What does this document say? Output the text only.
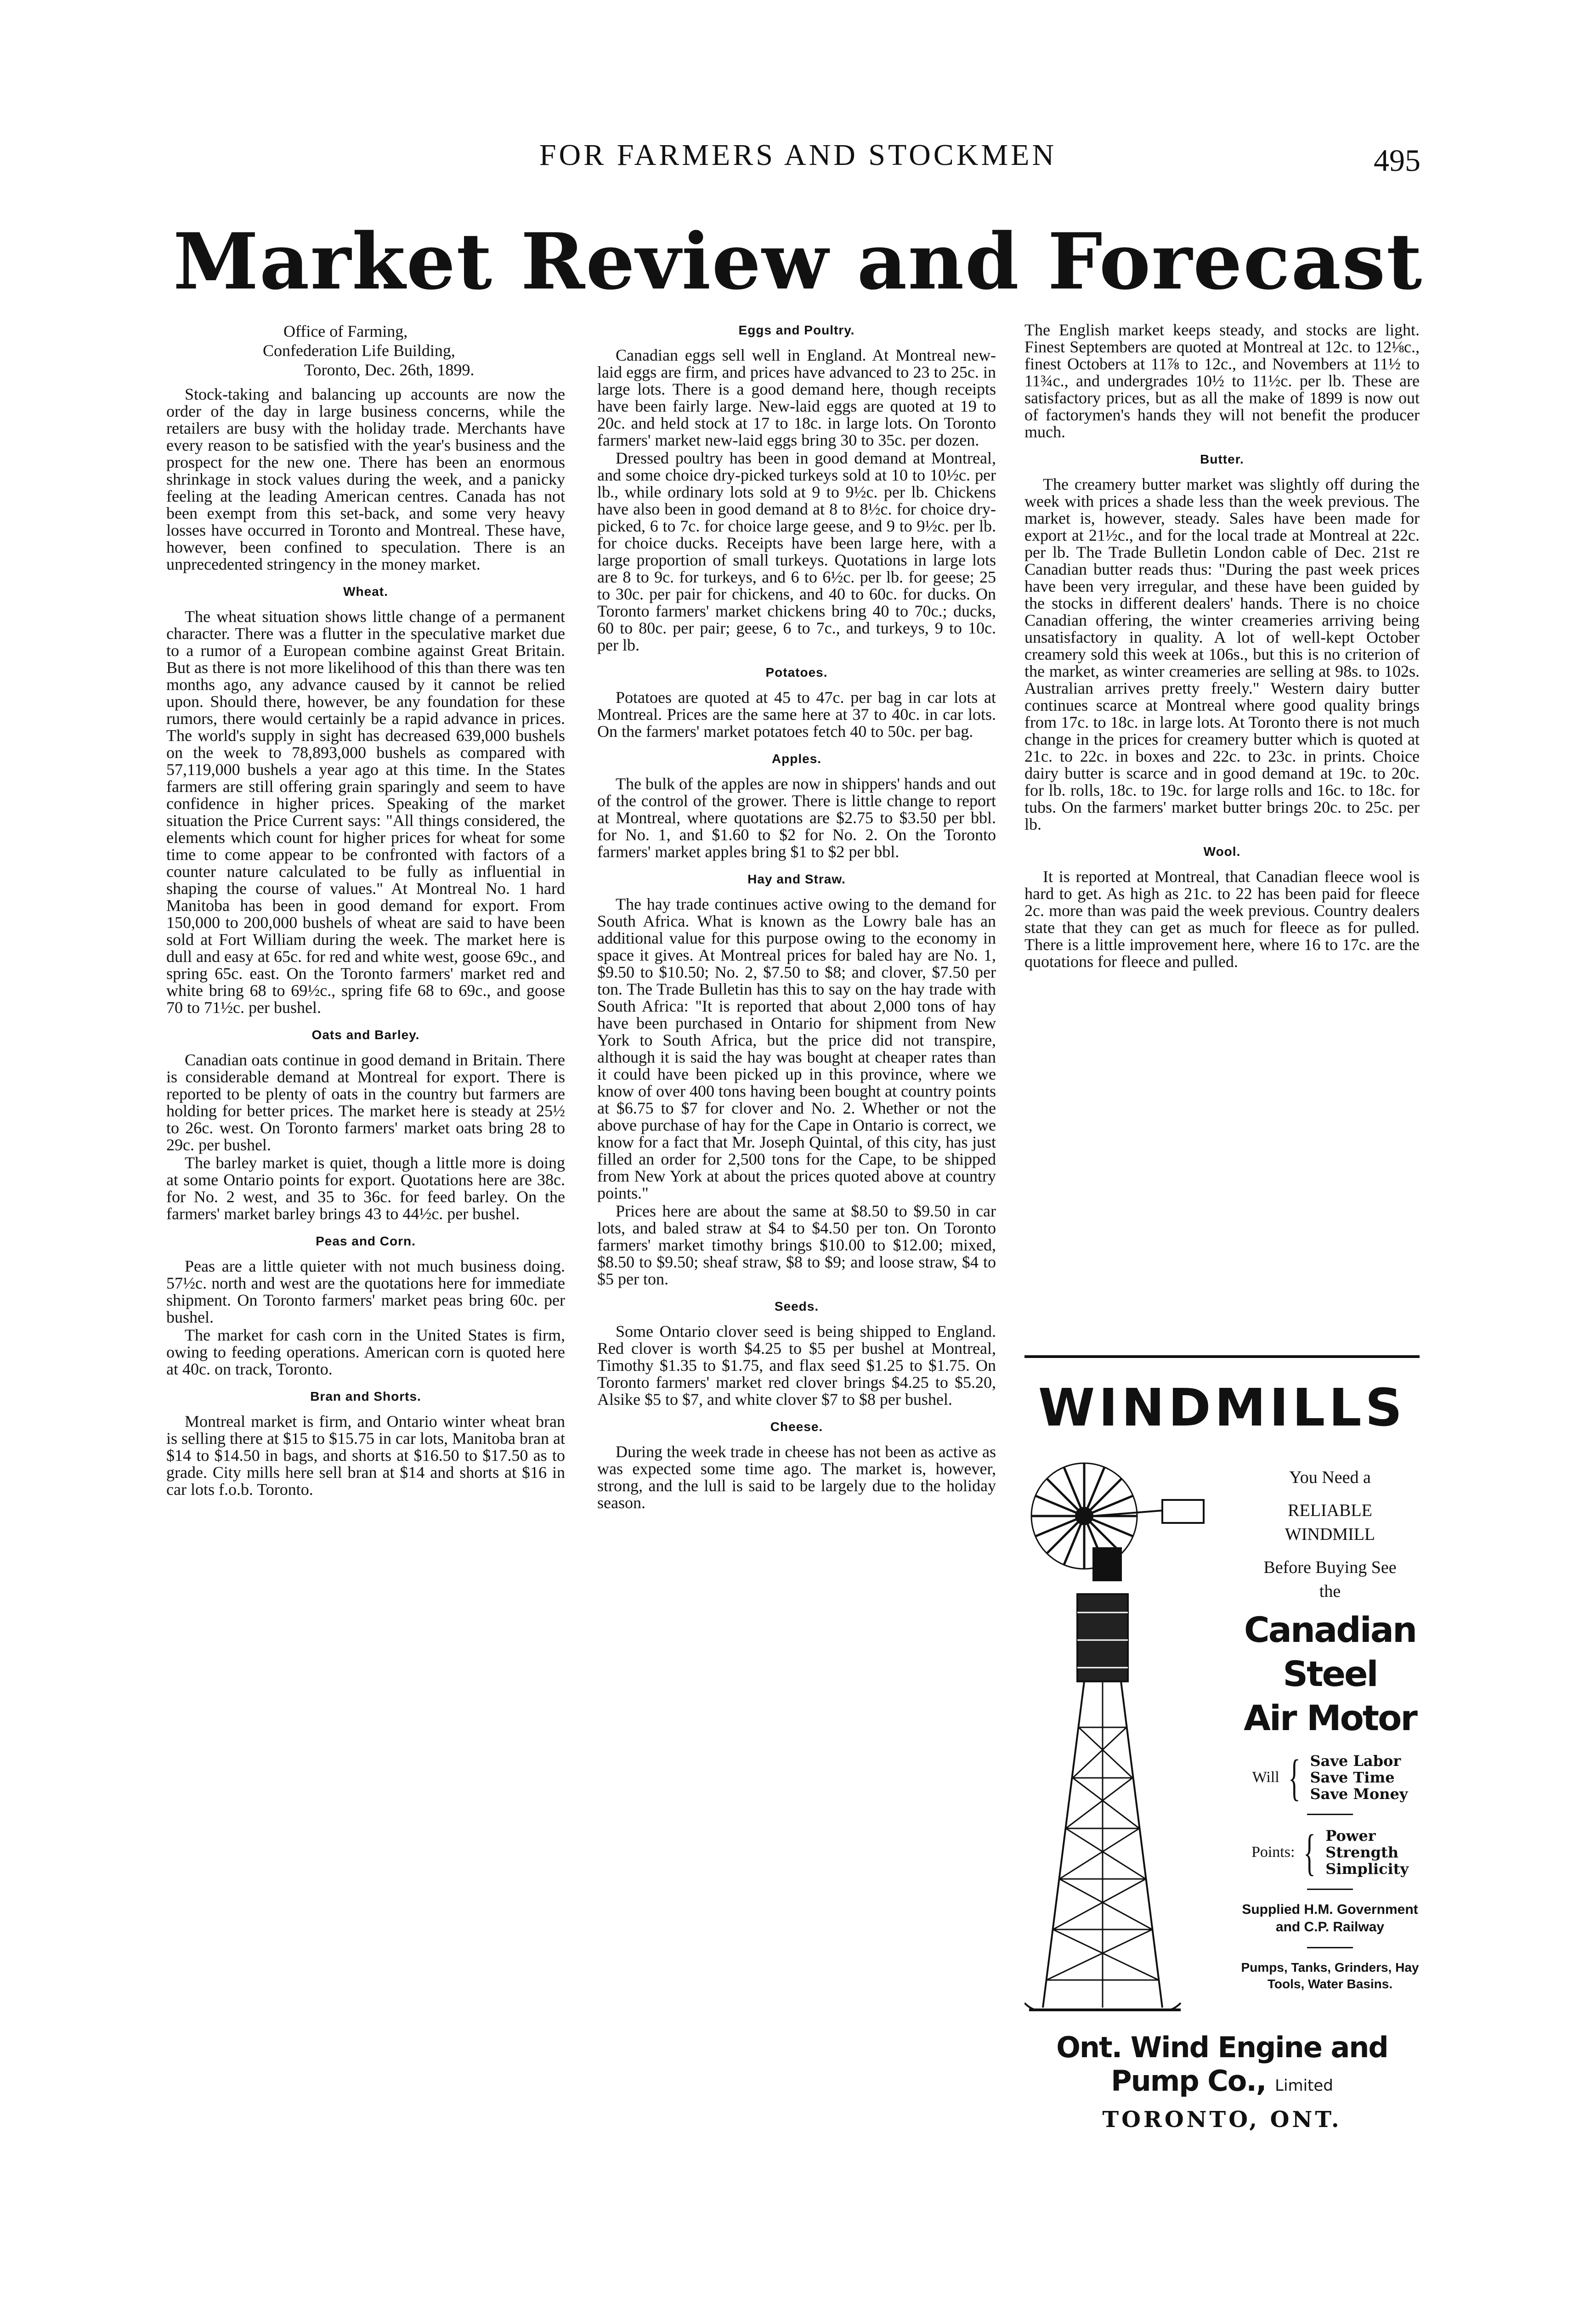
FOR FARMERS AND STOCKMEN	495
Market Review and Forecast
Office of Farming,
Confederation Life Building,
Toronto, Dec. 26th, 1899.

Stock-taking and balancing up accounts are now the order of the day in large business concerns, while the retailers are busy with the holiday trade. Merchants have every reason to be satisfied with the year's business and the prospect for the new one. There has been an enormous shrinkage in stock values during the week, and a panicky feeling at the leading American centres. Canada has not been exempt from this set-back, and some very heavy losses have occurred in Toronto and Montreal. These have, however, been confined to speculation. There is an unprecedented stringency in the money market.

Wheat.

The wheat situation shows little change of a permanent character. There was a flutter in the speculative market due to a rumor of a European combine against Great Britain. But as there is not more likelihood of this than there was ten months ago, any advance caused by it cannot be relied upon. Should there, however, be any foundation for these rumors, there would certainly be a rapid advance in prices. The world's supply in sight has decreased 639,000 bushels on the week to 78,893,000 bushels as compared with 57,119,000 bushels a year ago at this time. In the States farmers are still offering grain sparingly and seem to have confidence in higher prices. Speaking of the market situation the Price Current says: "All things considered, the elements which count for higher prices for wheat for some time to come appear to be confronted with factors of a counter nature calculated to be fully as influential in shaping the course of values." At Montreal No. 1 hard Manitoba has been in good demand for export. From 150,000 to 200,000 bushels of wheat are said to have been sold at Fort William during the week. The market here is dull and easy at 65c. for red and white west, goose 69c., and spring 65c. east. On the Toronto farmers' market red and white bring 68 to 69½c., spring fife 68 to 69c., and goose 70 to 71½c. per bushel.

Oats and Barley.

Canadian oats continue in good demand in Britain. There is considerable demand at Montreal for export. There is reported to be plenty of oats in the country but farmers are holding for better prices. The market here is steady at 25½ to 26c. west. On Toronto farmers' market oats bring 28 to 29c. per bushel.

The barley market is quiet, though a little more is doing at some Ontario points for export. Quotations here are 38c. for No. 2 west, and 35 to 36c. for feed barley. On the farmers' market barley brings 43 to 44½c. per bushel.

Peas and Corn.

Peas are a little quieter with not much business doing. 57½c. north and west are the quotations here for immediate shipment. On Toronto farmers' market peas bring 60c. per bushel.

The market for cash corn in the United States is firm, owing to feeding operations. American corn is quoted here at 40c. on track, Toronto.

Bran and Shorts.

Montreal market is firm, and Ontario winter wheat bran is selling there at $15 to $15.75 in car lots, Manitoba bran at $14 to $14.50 in bags, and shorts at $16.50 to $17.50 as to grade. City mills here sell bran at $14 and shorts at $16 in car lots f.o.b. Toronto.

Eggs and Poultry.

Canadian eggs sell well in England. At Montreal new-laid eggs are firm, and prices have advanced to 23 to 25c. in large lots. There is a good demand here, though receipts have been fairly large. New-laid eggs are quoted at 19 to 20c. and held stock at 17 to 18c. in large lots. On Toronto farmers' market new-laid eggs bring 30 to 35c. per dozen.

Dressed poultry has been in good demand at Montreal, and some choice dry-picked turkeys sold at 10 to 10½c. per lb., while ordinary lots sold at 9 to 9½c. per lb. Chickens have also been in good demand at 8 to 8½c. for choice dry-picked, 6 to 7c. for choice large geese, and 9 to 9½c. per lb. for choice ducks. Receipts have been large here, with a large proportion of small turkeys. Quotations in large lots are 8 to 9c. for turkeys, and 6 to 6½c. per lb. for geese; 25 to 30c. per pair for chickens, and 40 to 60c. for ducks. On Toronto farmers' market chickens bring 40 to 70c.; ducks, 60 to 80c. per pair; geese, 6 to 7c., and turkeys, 9 to 10c. per lb.

Potatoes.

Potatoes are quoted at 45 to 47c. per bag in car lots at Montreal. Prices are the same here at 37 to 40c. in car lots. On the farmers' market potatoes fetch 40 to 50c. per bag.

Apples.

The bulk of the apples are now in shippers' hands and out of the control of the grower. There is little change to report at Montreal, where quotations are $2.75 to $3.50 per bbl. for No. 1, and $1.60 to $2 for No. 2. On the Toronto farmers' market apples bring $1 to $2 per bbl.

Hay and Straw.

The hay trade continues active owing to the demand for South Africa. What is known as the Lowry bale has an additional value for this purpose owing to the economy in space it gives. At Montreal prices for baled hay are No. 1, $9.50 to $10.50; No. 2, $7.50 to $8; and clover, $7.50 per ton. The Trade Bulletin has this to say on the hay trade with South Africa: "It is reported that about 2,000 tons of hay have been purchased in Ontario for shipment from New York to South Africa, but the price did not transpire, although it is said the hay was bought at cheaper rates than it could have been picked up in this province, where we know of over 400 tons having been bought at country points at $6.75 to $7 for clover and No. 2. Whether or not the above purchase of hay for the Cape in Ontario is correct, we know for a fact that Mr. Joseph Quintal, of this city, has just filled an order for 2,500 tons for the Cape, to be shipped from New York at about the prices quoted above at country points."

Prices here are about the same at $8.50 to $9.50 in car lots, and baled straw at $4 to $4.50 per ton. On Toronto farmers' market timothy brings $10.00 to $12.00; mixed, $8.50 to $9.50; sheaf straw, $8 to $9; and loose straw, $4 to $5 per ton.

Seeds.

Some Ontario clover seed is being shipped to England. Red clover is worth $4.25 to $5 per bushel at Montreal, Timothy $1.35 to $1.75, and flax seed $1.25 to $1.75. On Toronto farmers' market red clover brings $4.25 to $5.20, Alsike $5 to $7, and white clover $7 to $8 per bushel.

Cheese.

During the week trade in cheese has not been as active as was expected some time ago. The market is, however, strong, and the lull is said to be largely due to the holiday season.

The English market keeps steady, and stocks are light. Finest Septembers are quoted at Montreal at 12c. to 12⅛c., finest Octobers at 11⅞ to 12c., and Novembers at 11½ to 11¾c., and undergrades 10½ to 11½c. per lb. These are satisfactory prices, but as all the make of 1899 is now out of factorymen's hands they will not benefit the producer much.

Butter.

The creamery butter market was slightly off during the week with prices a shade less than the week previous. The market is, however, steady. Sales have been made for export at 21½c., and for the local trade at Montreal at 22c. per lb. The Trade Bulletin London cable of Dec. 21st re Canadian butter reads thus: "During the past week prices have been very irregular, and these have been guided by the stocks in different dealers' hands. There is no choice Canadian offering, the winter creameries arriving being unsatisfactory in quality. A lot of well-kept October creamery sold this week at 106s., but this is no criterion of the market, as winter creameries are selling at 98s. to 102s. Australian arrives pretty freely." Western dairy butter continues scarce at Montreal where good quality brings from 17c. to 18c. in large lots. At Toronto there is not much change in the prices for creamery butter which is quoted at 21c. to 22c. in boxes and 22c. to 23c. in prints. Choice dairy butter is scarce and in good demand at 19c. to 20c. for lb. rolls, 18c. to 19c. for large rolls and 16c. to 18c. for tubs. On the farmers' market butter brings 20c. to 25c. per lb.

Wool.

It is reported at Montreal, that Canadian fleece wool is hard to get. As high as 21c. to 22 has been paid for fleece 2c. more than was paid the week previous. Country dealers state that they can get as much for fleece as for pulled. There is a little improvement here, where 16 to 17c. are the quotations for fleece and pulled.

WINDMILLS
You Need a
RELIABLE
WINDMILL
Before Buying See
the
Canadian Steel
Air Motor
Will { Save Labor
Save Time
Save Money
Points: { Power
Strength
Simplicity
Supplied H.M. Government and C.P. Railway
Pumps, Tanks, Grinders, Hay Tools, Water Basins.
Ont. Wind Engine and Pump Co., Limited
TORONTO, ONT.
